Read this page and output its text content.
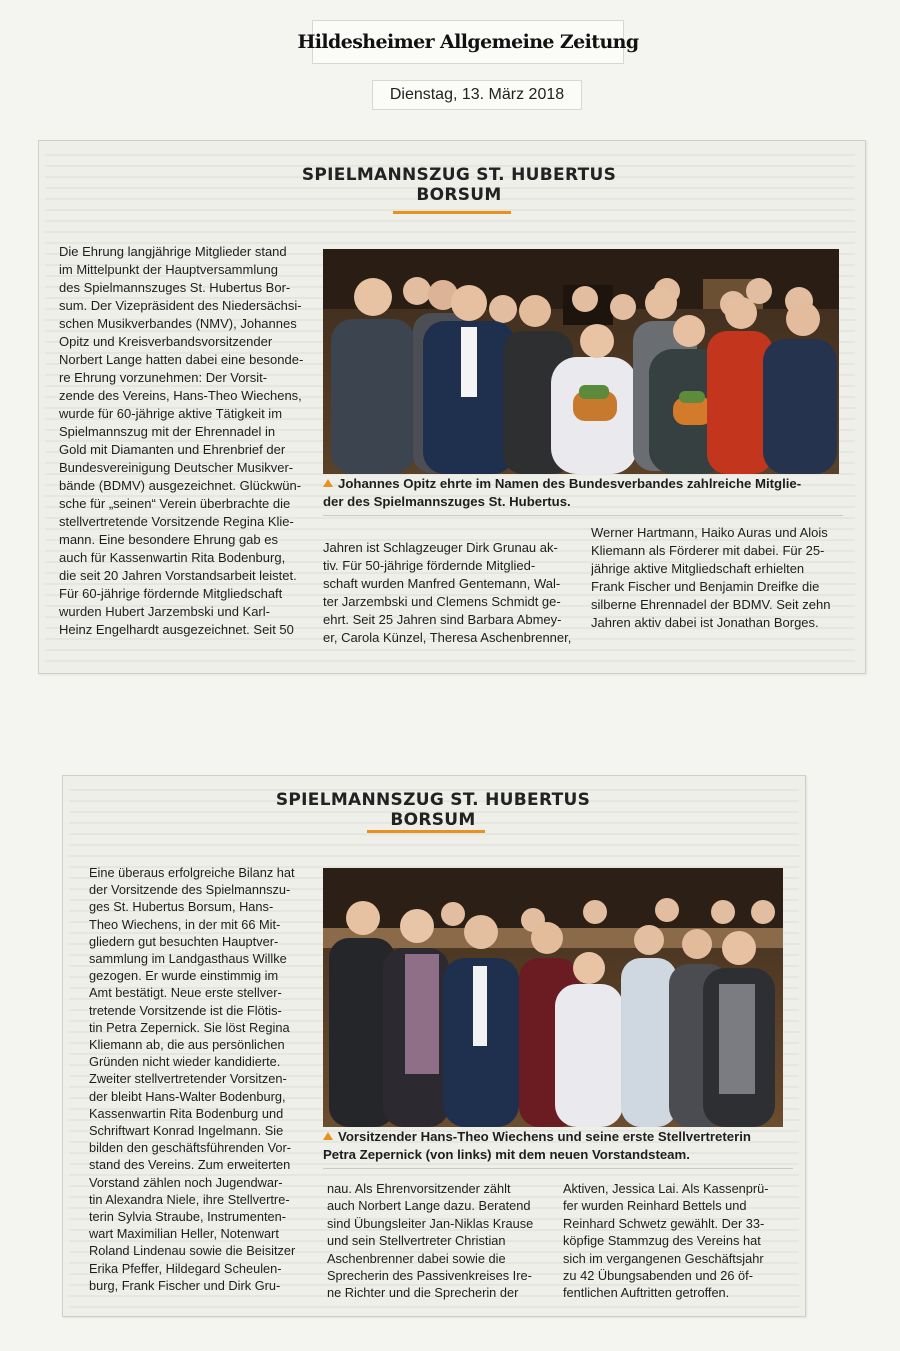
Hildesheimer Allgemeine Zeitung
Dienstag, 13. März 2018
SPIELMANNSZUG ST. HUBERTUS
BORSUM
Die Ehrung langjährige Mitglieder stand
im Mittelpunkt der Hauptversammlung
des Spielmannszuges St. Hubertus Bor-
sum. Der Vizepräsident des Niedersächsi-
schen Musikverbandes (NMV), Johannes
Opitz und Kreisverbandsvorsitzender
Norbert Lange hatten dabei eine besonde-
re Ehrung vorzunehmen: Der Vorsit-
zende des Vereins, Hans-Theo Wiechens,
wurde für 60-jährige aktive Tätigkeit im
Spielmannszug mit der Ehrennadel in
Gold mit Diamanten und Ehrenbrief der
Bundesvereinigung Deutscher Musikver-
bände (BDMV) ausgezeichnet. Glückwün-
sche für „seinen“ Verein überbrachte die
stellvertretende Vorsitzende Regina Klie-
mann. Eine besondere Ehrung gab es
auch für Kassenwartin Rita Bodenburg,
die seit 20 Jahren Vorstandsarbeit leistet.
Für 60-jährige fördernde Mitgliedschaft
wurden Hubert Jarzembski und Karl-
Heinz Engelhardt ausgezeichnet. Seit 50
Johannes Opitz ehrte im Namen des Bundesverbandes zahlreiche Mitglie-
der des Spielmannszuges St. Hubertus.
Jahren ist Schlagzeuger Dirk Grunau ak-
tiv. Für 50-jährige fördernde Mitglied-
schaft wurden Manfred Gentemann, Wal-
ter Jarzembski und Clemens Schmidt ge-
ehrt. Seit 25 Jahren sind Barbara Abmey-
er, Carola Künzel, Theresa Aschenbrenner,
Werner Hartmann, Haiko Auras und Alois
Kliemann als Förderer mit dabei. Für 25-
jährige aktive Mitgliedschaft erhielten
Frank Fischer und Benjamin Dreifke die
silberne Ehrennadel der BDMV. Seit zehn
Jahren aktiv dabei ist Jonathan Borges.
SPIELMANNSZUG ST. HUBERTUS
BORSUM
Eine überaus erfolgreiche Bilanz hat
der Vorsitzende des Spielmannszu-
ges St. Hubertus Borsum, Hans-
Theo Wiechens, in der mit 66 Mit-
gliedern gut besuchten Hauptver-
sammlung im Landgasthaus Willke
gezogen. Er wurde einstimmig im
Amt bestätigt. Neue erste stellver-
tretende Vorsitzende ist die Flötis-
tin Petra Zepernick. Sie löst Regina
Kliemann ab, die aus persönlichen
Gründen nicht wieder kandidierte.
Zweiter stellvertretender Vorsitzen-
der bleibt Hans-Walter Bodenburg,
Kassenwartin Rita Bodenburg und
Schriftwart Konrad Ingelmann. Sie
bilden den geschäftsführenden Vor-
stand des Vereins. Zum erweiterten
Vorstand zählen noch Jugendwar-
tin Alexandra Niele, ihre Stellvertre-
terin Sylvia Straube, Instrumenten-
wart Maximilian Heller, Notenwart
Roland Lindenau sowie die Beisitzer
Erika Pfeffer, Hildegard Scheulen-
burg, Frank Fischer und Dirk Gru-
Vorsitzender Hans-Theo Wiechens und seine erste Stellvertreterin
Petra Zepernick (von links) mit dem neuen Vorstandsteam.
nau. Als Ehrenvorsitzender zählt
auch Norbert Lange dazu. Beratend
sind Übungsleiter Jan-Niklas Krause
und sein Stellvertreter Christian
Aschenbrenner dabei sowie die
Sprecherin des Passivenkreises Ire-
ne Richter und die Sprecherin der
Aktiven, Jessica Lai. Als Kassenprü-
fer wurden Reinhard Bettels und
Reinhard Schwetz gewählt. Der 33-
köpfige Stammzug des Vereins hat
sich im vergangenen Geschäftsjahr
zu 42 Übungsabenden und 26 öf-
fentlichen Auftritten getroffen.
